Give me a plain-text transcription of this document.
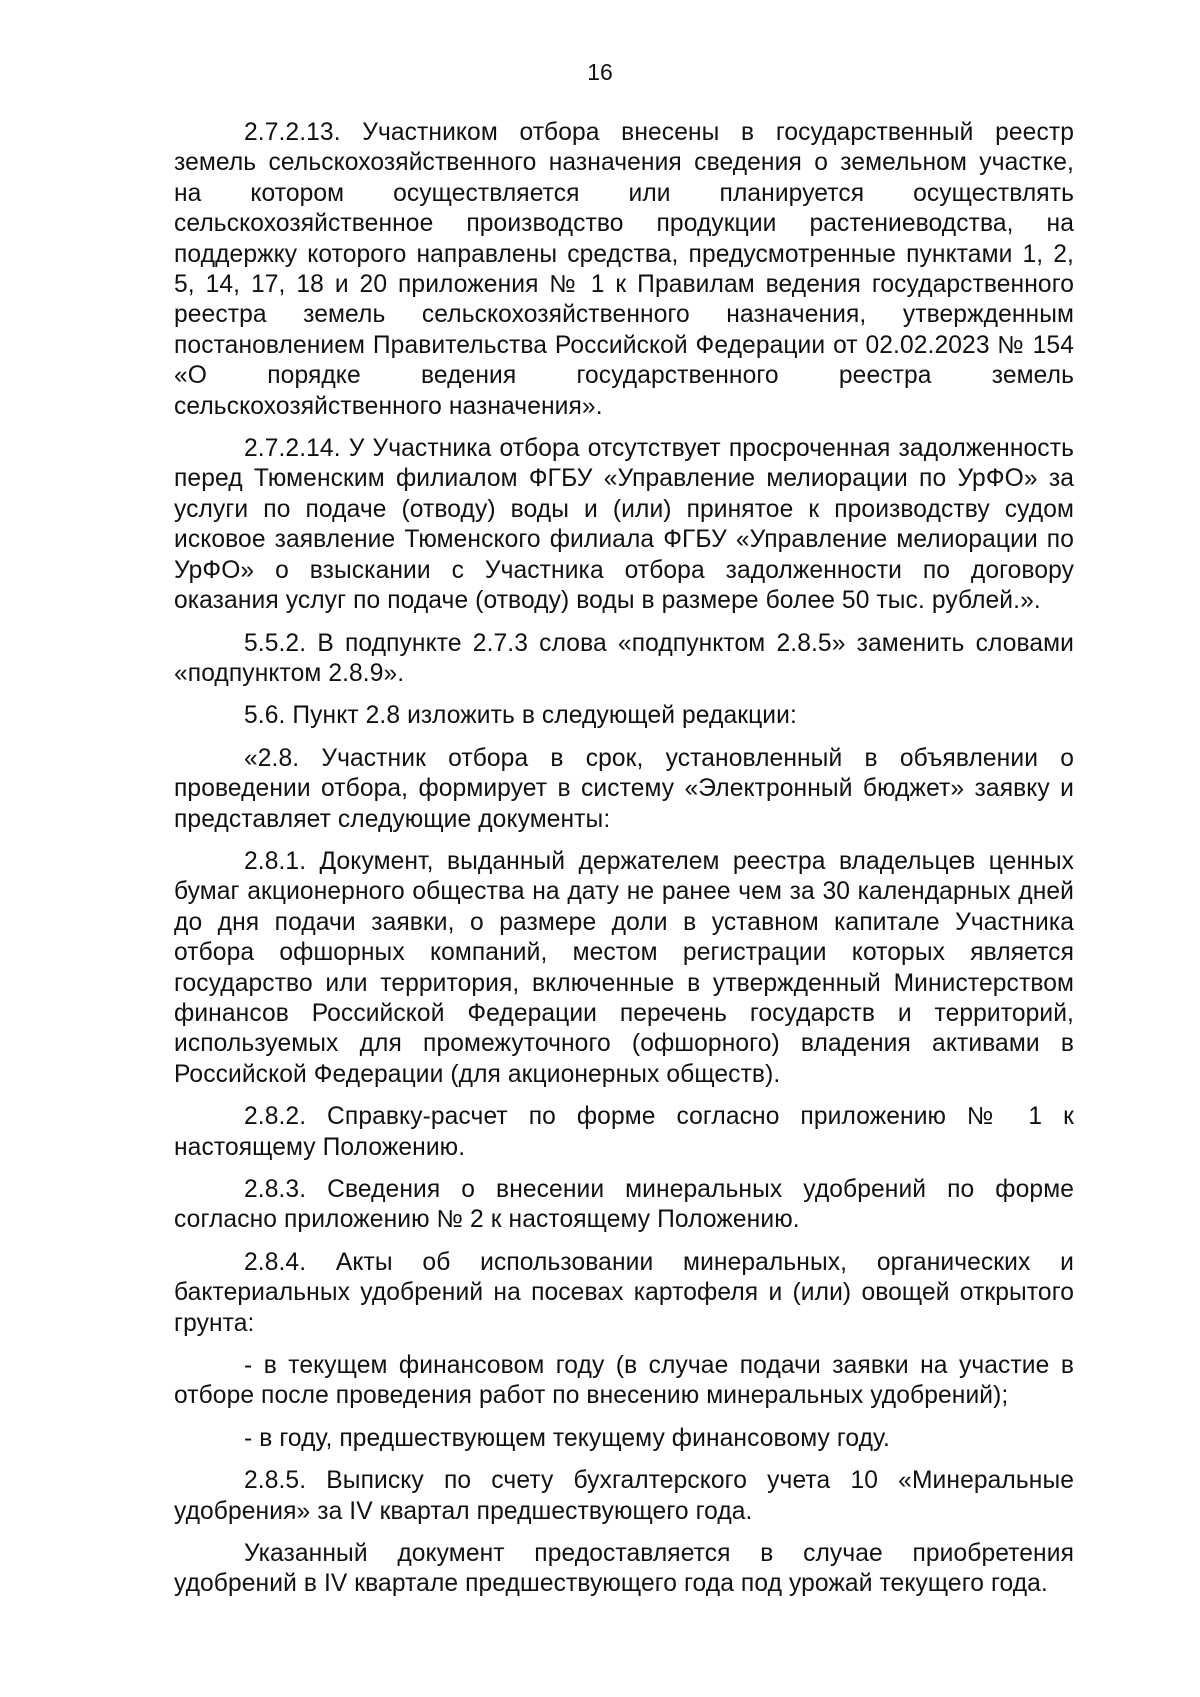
16

2.7.2.13. Участником отбора внесены в государственный реестр земель сельскохозяйственного назначения сведения о земельном участке, на котором осуществляется или планируется осуществлять сельскохозяйственное производство продукции растениеводства, на поддержку которого направлены средства, предусмотренные пунктами 1, 2, 5, 14, 17, 18 и 20 приложения № 1 к Правилам ведения государственного реестра земель сельскохозяйственного назначения, утвержденным постановлением Правительства Российской Федерации от 02.02.2023 № 154 «О порядке ведения государственного реестра земель сельскохозяйственного назначения».

2.7.2.14. У Участника отбора отсутствует просроченная задолженность перед Тюменским филиалом ФГБУ «Управление мелиорации по УрФО» за услуги по подаче (отводу) воды и (или) принятое к производству судом исковое заявление Тюменского филиала ФГБУ «Управление мелиорации по УрФО» о взыскании с Участника отбора задолженности по договору оказания услуг по подаче (отводу) воды в размере более 50 тыс. рублей.».

5.5.2. В подпункте 2.7.3 слова «подпунктом 2.8.5» заменить словами «подпунктом 2.8.9».

5.6. Пункт 2.8 изложить в следующей редакции:

«2.8. Участник отбора в срок, установленный в объявлении о проведении отбора, формирует в систему «Электронный бюджет» заявку и представляет следующие документы:

2.8.1. Документ, выданный держателем реестра владельцев ценных бумаг акционерного общества на дату не ранее чем за 30 календарных дней до дня подачи заявки, о размере доли в уставном капитале Участника отбора офшорных компаний, местом регистрации которых является государство или территория, включенные в утвержденный Министерством финансов Российской Федерации перечень государств и территорий, используемых для промежуточного (офшорного) владения активами в Российской Федерации (для акционерных обществ).

2.8.2. Справку-расчет по форме согласно приложению № 1 к настоящему Положению.

2.8.3. Сведения о внесении минеральных удобрений по форме согласно приложению № 2 к настоящему Положению.

2.8.4. Акты об использовании минеральных, органических и бактериальных удобрений на посевах картофеля и (или) овощей открытого грунта:

- в текущем финансовом году (в случае подачи заявки на участие в отборе после проведения работ по внесению минеральных удобрений);

- в году, предшествующем текущему финансовому году.

2.8.5. Выписку по счету бухгалтерского учета 10 «Минеральные удобрения» за IV квартал предшествующего года.

Указанный документ предоставляется в случае приобретения удобрений в IV квартале предшествующего года под урожай текущего года.
